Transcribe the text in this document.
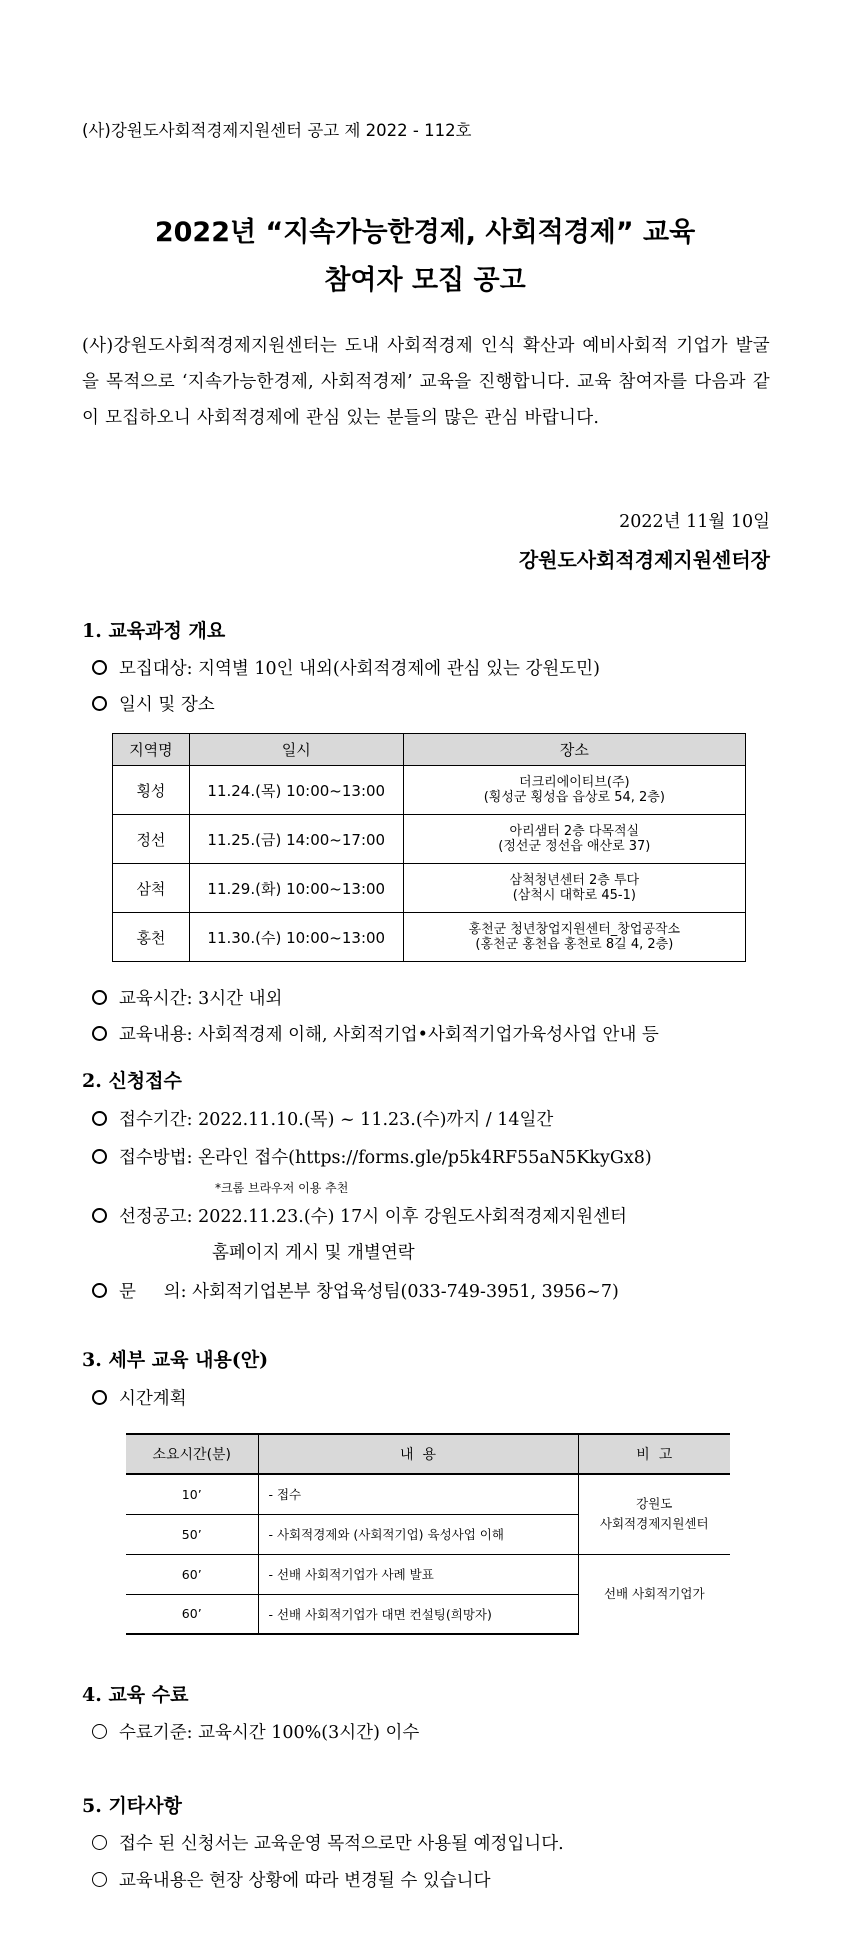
(사)강원도사회적경제지원센터 공고 제 2022 - 112호
2022년 “지속가능한경제, 사회적경제” 교육
참여자 모집 공고
(사)강원도사회적경제지원센터는 도내 사회적경제 인식 확산과 예비사회적 기업가 발굴을 목적으로 ‘지속가능한경제, 사회적경제’ 교육을 진행합니다. 교육 참여자를 다음과 같이 모집하오니 사회적경제에 관심 있는 분들의 많은 관심 바랍니다.
2022년 11월 10일
강원도사회적경제지원센터장
1. 교육과정 개요
모집대상: 지역별 10인 내외(사회적경제에 관심 있는 강원도민)
일시 및 장소
지역명	일시	장소
횡성	11.24.(목) 10:00~13:00	더크리에이티브(주)
(횡성군 횡성읍 읍상로 54, 2층)

정선	11.25.(금) 14:00~17:00	아리샘터 2층 다목적실
(정선군 정선읍 애산로 37)

삼척	11.29.(화) 10:00~13:00	삼척청년센터 2층 투다
(삼척시 대학로 45-1)

홍천	11.30.(수) 10:00~13:00	홍천군 청년창업지원센터_창업공작소
(홍천군 홍천읍 홍천로 8길 4, 2층)
교육시간: 3시간 내외
교육내용: 사회적경제 이해, 사회적기업•사회적기업가육성사업 안내 등
2. 신청접수
접수기간: 2022.11.10.(목) ~ 11.23.(수)까지 / 14일간
접수방법: 온라인 접수(https://forms.gle/p5k4RF55aN5KkyGx8)
*크롬 브라우저 이용 추천
선정공고: 2022.11.23.(수) 17시 이후 강원도사회적경제지원센터
홈페이지 게시 및 개별연락
문     의: 사회적기업본부 창업육성팀(033-749-3951, 3956~7)
3. 세부 교육 내용(안)
시간계획
소요시간(분)	내  용	비  고
10’	- 접수	강원도
사회적경제지원센터

50’	- 사회적경제와 (사회적기업) 육성사업 이해	
60’	- 선배 사회적기업가 사례 발표	선배 사회적기업가
60’	- 선배 사회적기업가 대면 컨설팅(희망자)	
4. 교육 수료
수료기준: 교육시간 100%(3시간) 이수
5. 기타사항
접수 된 신청서는 교육운영 목적으로만 사용될 예정입니다.
교육내용은 현장 상황에 따라 변경될 수 있습니다
